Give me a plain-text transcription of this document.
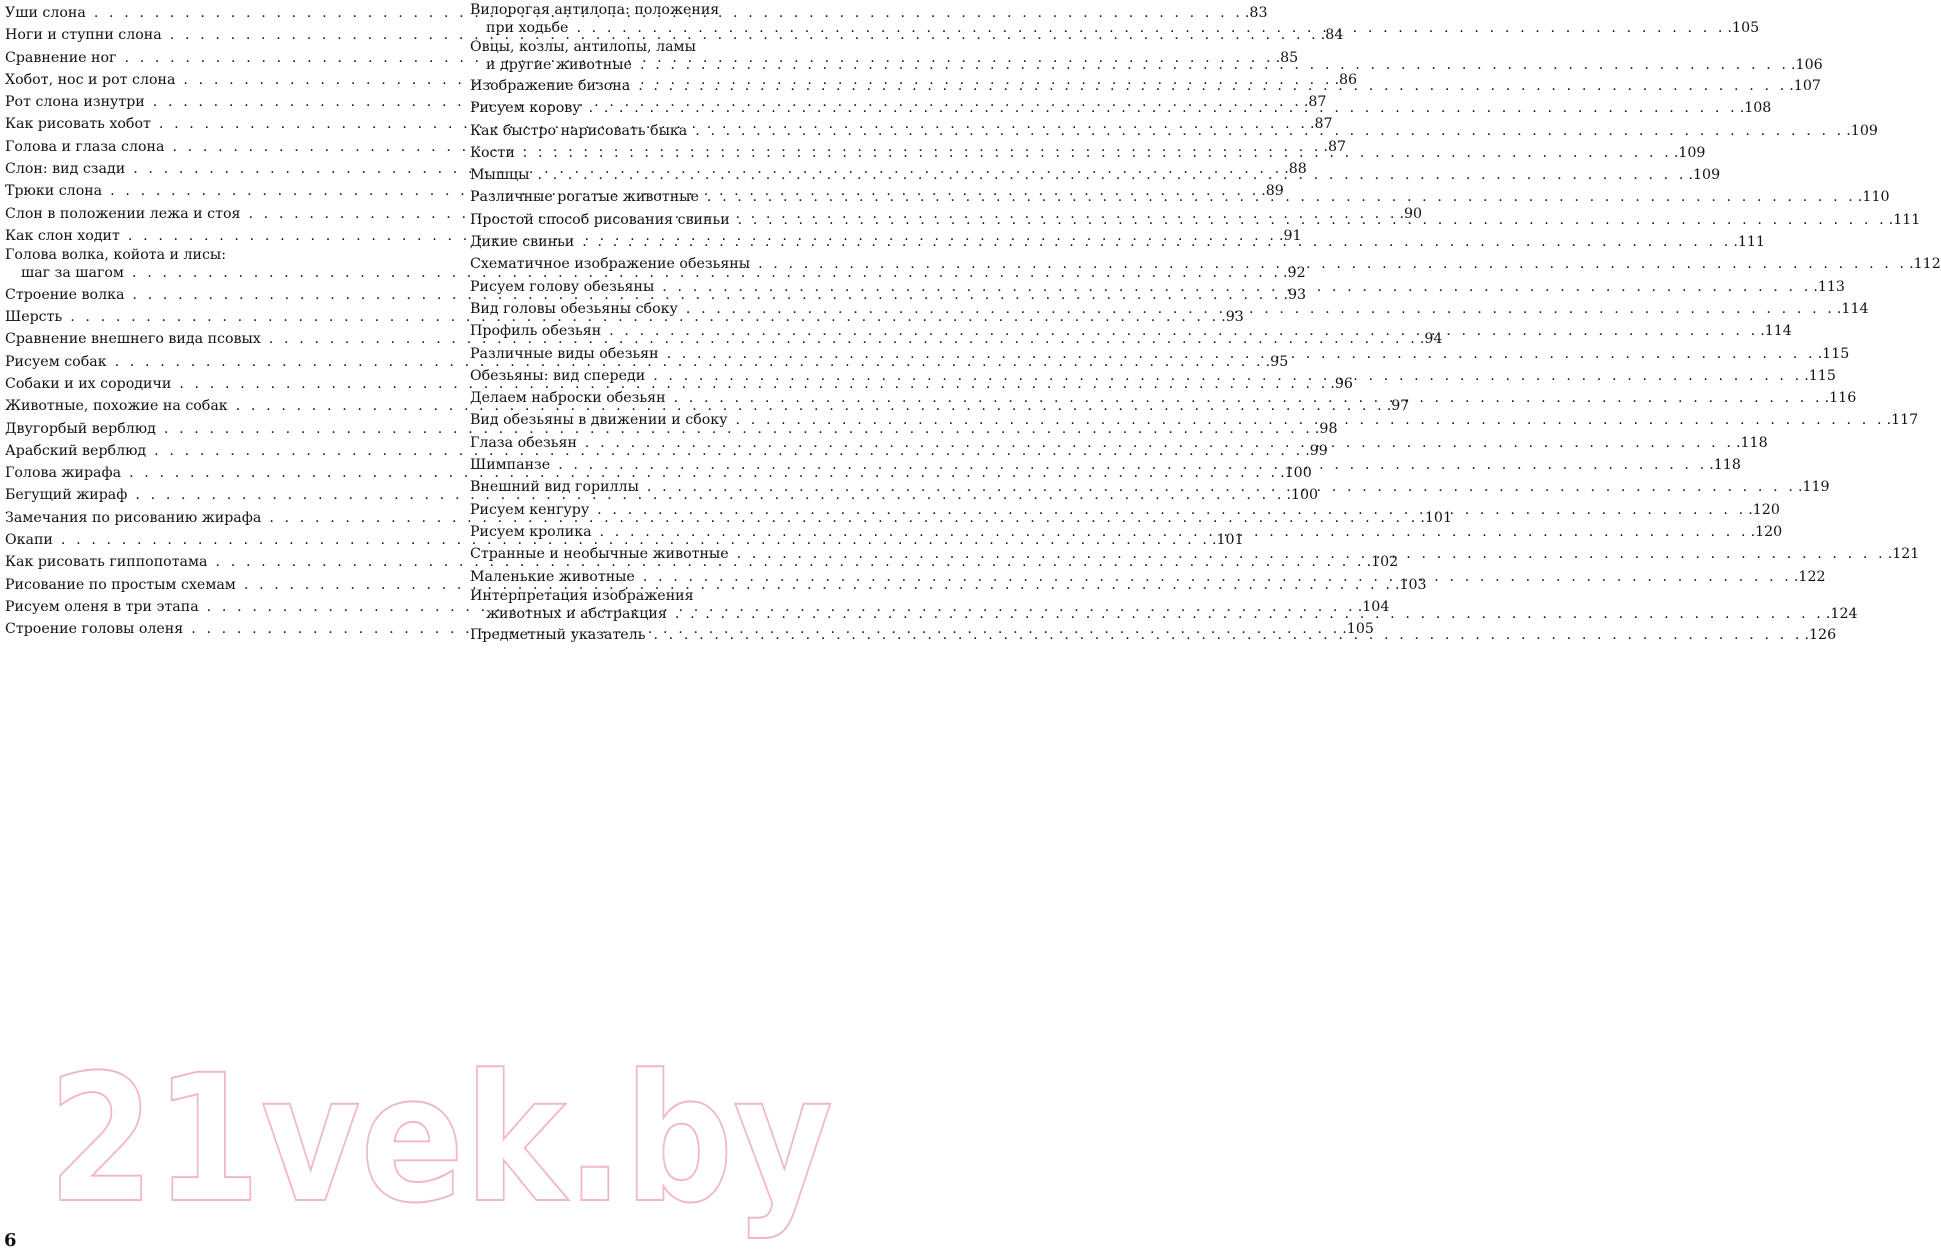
Уши слона . . .	.83
Ноги и ступни слона . . .	.84
Сравнение ног . . .	.85
Хобот, нос и рот слона . . .	.86
Рот слона изнутри . . .	.87
Как рисовать хобот . . .	.87
Голова и глаза слона . . .	.87
Слон: вид сзади . . .	.88
Трюки слона . . .	.89
Слон в положении лежа и стоя . . .	.90
Как слон ходит . . .	.91
Голова волка, койота и лисы:
шаг за шагом . . .	.92
Строение волка . . .	.93
Шерсть . . .	.93
Сравнение внешнего вида псовых . . .	.94
Рисуем собак . . .	.95
Собаки и их сородичи . . .	.96
Животные, похожие на собак . . .	.97
Двугорбый верблюд . . .	.98
Арабский верблюд . . .	.99
Голова жирафа . . .	.100
Бегущий жираф . . .	.100
Замечания по рисованию жирафа . . .	.101
Окапи . . .	.101
Как рисовать гиппопотама . . .	.102
Рисование по простым схемам . . .	.103
Рисуем оленя в три этапа . . .	.104
Строение головы оленя . . .	.105
Вилорогая антилопа: положения
при ходьбе . . .	.105
Овцы, козлы, антилопы, ламы
и другие животные . . .	.106
Изображение бизона . . .	.107
Рисуем корову . . .	.108
Как быстро нарисовать быка . . .	.109
Кости . . .	.109
Мышцы . . .	.109
Различные рогатые животные . . .	.110
Простой способ рисования свиньи . . .	.111
Дикие свиньи . . .	.111
Схематичное изображение обезьяны . . .	.112
Рисуем голову обезьяны . . .	.113
Вид головы обезьяны сбоку . . .	.114
Профиль обезьян . . .	.114
Различные виды обезьян . . .	.115
Обезьяны: вид спереди . . .	.115
Делаем наброски обезьян . . .	.116
Вид обезьяны в движении и сбоку . . .	.117
Глаза обезьян . . .	.118
Шимпанзе . . .	.118
Внешний вид гориллы . . .	.119
Рисуем кенгуру . . .	.120
Рисуем кролика . . .	.120
Странные и необычные животные . . .	.121
Маленькие животные . . .	.122
Интерпретация изображения
животных и абстракция . . .	.124
Предметный указатель . . .	.126
6 21vek.by
